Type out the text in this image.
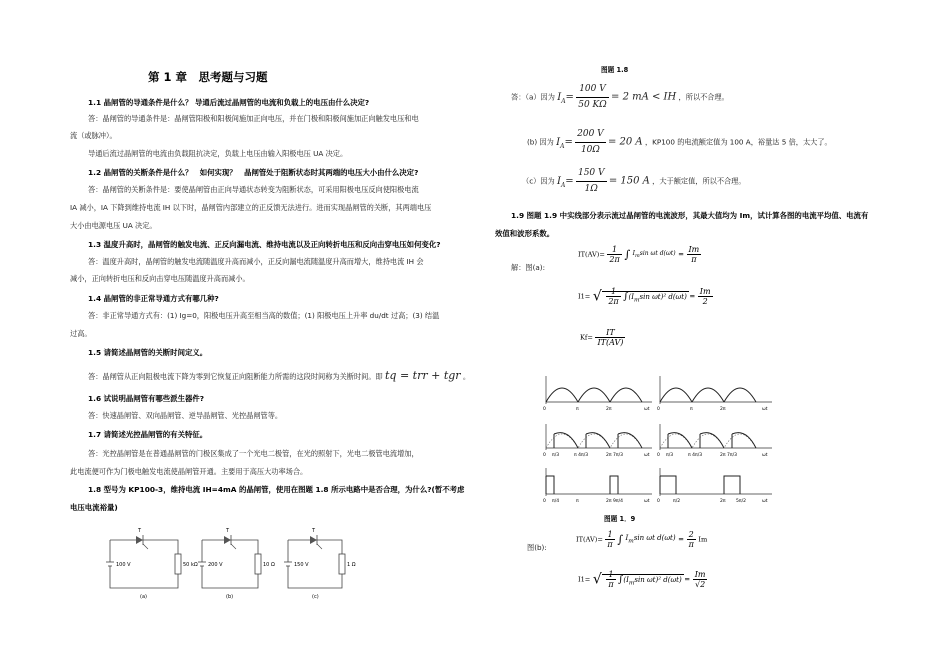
第 1 章　思考题与习题
1.1 晶闸管的导通条件是什么？ 导通后流过晶闸管的电流和负载上的电压由什么决定?
答：晶闸管的导通条件是：晶闸管阳极和阳极间施加正向电压，并在门极和阳极间施加正向触发电压和电
流（或脉冲）。
导通后流过晶闸管的电流由负载阻抗决定，负载上电压由输入阳极电压 UA 决定。
1.2 晶闸管的关断条件是什么？　如何实现？　晶闸管处于阻断状态时其两端的电压大小由什么决定?
答：晶闸管的关断条件是：要使晶闸管由正向导通状态转变为阻断状态，可采用阳极电压反向使阳极电流
IA 减小，IA 下降到维持电流 IH 以下时，晶闸管内部建立的正反馈无法进行。进而实现晶闸管的关断，其两端电压
大小由电源电压 UA 决定。
1.3 温度升高时，晶闸管的触发电流、正反向漏电流、维持电流以及正向转折电压和反向击穿电压如何变化?
答：温度升高时，晶闸管的触发电流随温度升高而减小，正反向漏电流随温度升高而增大，维持电流 IH 会
减小，正向转折电压和反向击穿电压随温度升高而减小。
1.4 晶闸管的非正常导通方式有哪几种?
答：非正常导通方式有：(1) Ig=0，阳极电压升高至相当高的数值；(1) 阳极电压上升率 du/dt 过高；(3) 结温
过高。
1.5 请简述晶闸管的关断时间定义。
答：晶闸管从正向阻极电流下降为零到它恢复正向阻断能力所需的这段时间称为关断时间。即 tq = trr + tgr 。
1.6 试说明晶闸管有哪些派生器件?
答：快速晶闸管、双向晶闸管、逆导晶闸管、光控晶闸管等。
1.7 请简述光控晶闸管的有关特征。
答：光控晶闸管是在普通晶闸管的门极区集成了一个光电二极管，在光的照射下，光电二极管电流增加，
此电流便可作为门极电触发电流使晶闸管开通。主要用于高压大功率场合。
1.8 型号为 KP100-3，维持电流 IH=4mA 的晶闸管，使用在图题 1.8 所示电路中是否合理，为什么?(暂不考虑
电压电流裕量)
T
100 V	50 kΩ
(a)
T
200 V	10 Ω
(b)
T
150 V	1 Ω
(c)
图题 1.8
答：（a）因为 $I_A= \frac{100 V}{50 K\Omega} = 2$ mA < IH ，所以不合理。
(b) 因为 $I_A= \frac{200 V}{10\Omega} = 20$ A ，KP100 的电流额定值为 100 A，裕量达 5 倍，太大了。
（c）因为 $I_A= \frac{150 V}{1\Omega} = 150$ A ，大于额定值，所以不合理。
1.9 图题 1.9 中实线部分表示流过晶闸管的电流波形，其最大值均为 Im，试计算各图的电流平均值、电流有
效值和波形系数。
解：图(a):
$IT(AV)= \frac{1}{2\pi}$ ∫ $I_m\sin$ ωt $d(\omega t) = \frac{Im}{\pi}$
I1= √ $\frac{1}{2\pi} \int(I_m\sin$ ωt)² $d(\omega t) = \frac{Im}{2}$
$Kf= \frac{IT}{IT(AV)}$
0	π	2π	ωt 0	π	2π	ωt
0 π/3	π 4π/3	2π 7π/3	ωt 0 π/3	π 4π/3	2π 7π/3	ωt
0 π/4	π	2π 9π/4	ωt 0	π/2	2π 5π/2	ωt
图题 1．9
图(b):
$IT(AV)= \frac{1}{\pi}$ ∫ $I_m\sin$ ωt $d(\omega t) = \frac{2}{\pi}$ Im
I1= √ $\frac{1}{\pi} \int(I_m\sin$ ωt)² $d(\omega t) = \frac{Im}{√2}$
